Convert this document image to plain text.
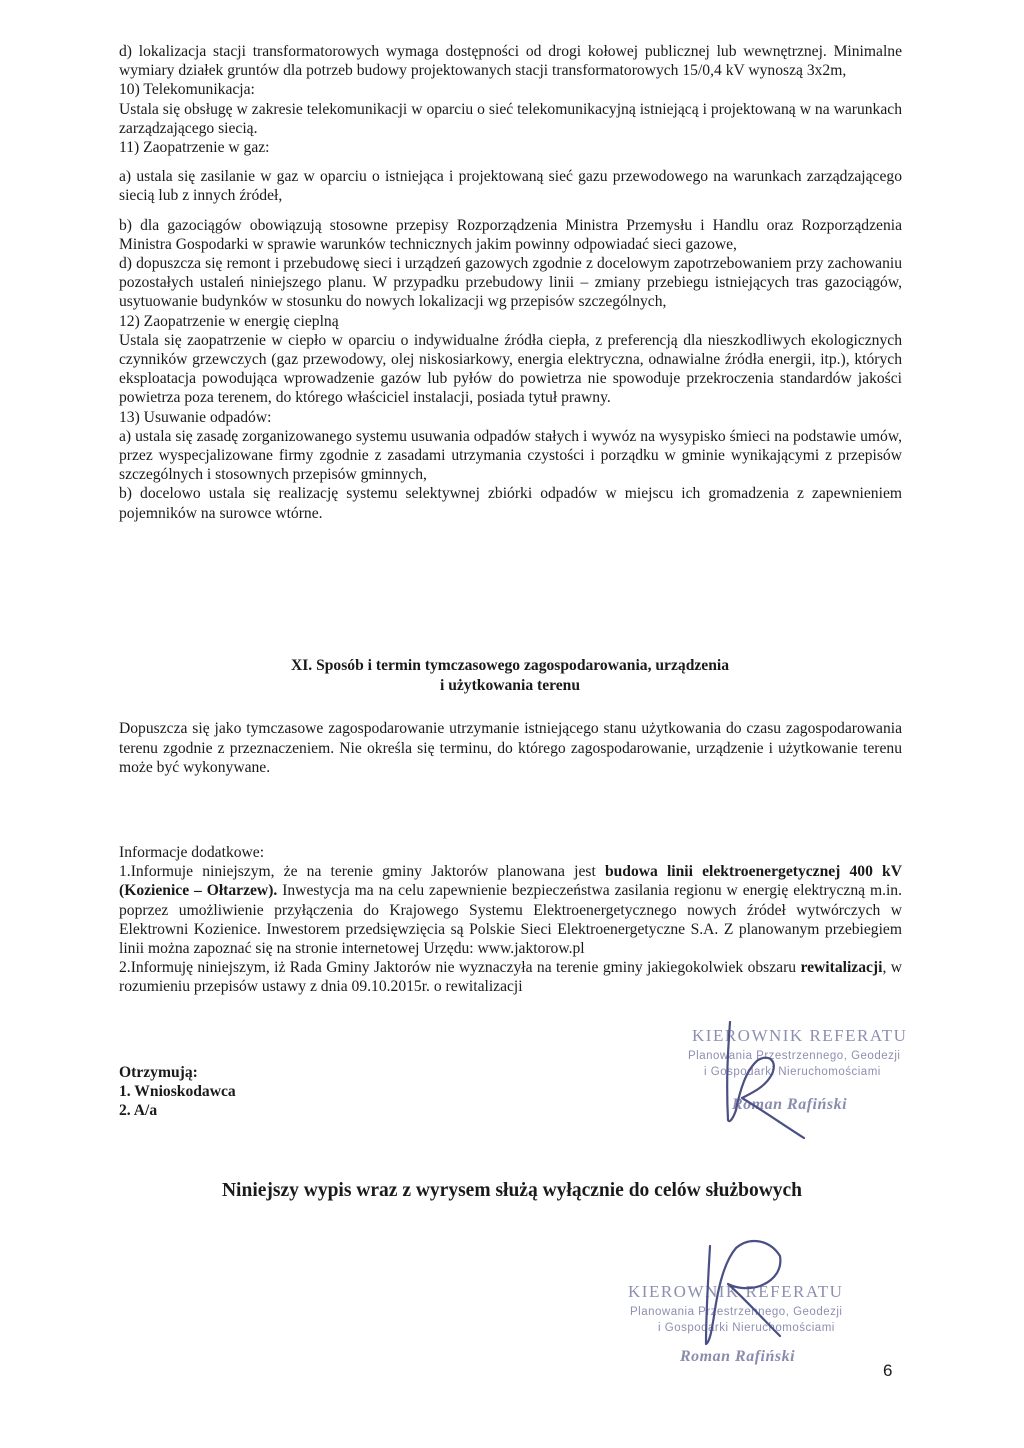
d) lokalizacja stacji transformatorowych wymaga dostępności od drogi kołowej publicznej lub wewnętrznej. Minimalne wymiary działek gruntów dla potrzeb budowy projektowanych stacji transformatorowych 15/0,4 kV wynoszą 3x2m,

10) Telekomunikacja:

Ustala się obsługę w zakresie telekomunikacji w oparciu o sieć telekomunikacyjną istniejącą i projektowaną w na warunkach zarządzającego siecią.

11) Zaopatrzenie w gaz:

a) ustala się zasilanie w gaz w oparciu o istniejąca i projektowaną sieć gazu przewodowego na warunkach zarządzającego siecią lub z innych źródeł,

b) dla gazociągów obowiązują stosowne przepisy Rozporządzenia Ministra Przemysłu i Handlu oraz Rozporządzenia Ministra Gospodarki w sprawie warunków technicznych jakim powinny odpowiadać sieci gazowe,

d) dopuszcza się remont i przebudowę sieci i urządzeń gazowych zgodnie z docelowym zapotrzebowaniem przy zachowaniu pozostałych ustaleń niniejszego planu. W przypadku przebudowy linii – zmiany przebiegu istniejących tras gazociągów, usytuowanie budynków w stosunku do nowych lokalizacji wg przepisów szczególnych,

12) Zaopatrzenie w energię cieplną

Ustala się zaopatrzenie w ciepło w oparciu o indywidualne źródła ciepła, z preferencją dla nieszkodliwych ekologicznych czynników grzewczych (gaz przewodowy, olej niskosiarkowy, energia elektryczna, odnawialne źródła energii, itp.), których eksploatacja powodująca wprowadzenie gazów lub pyłów do powietrza nie spowoduje przekroczenia standardów jakości powietrza poza terenem, do którego właściciel instalacji, posiada tytuł prawny.

13) Usuwanie odpadów:

a) ustala się zasadę zorganizowanego systemu usuwania odpadów stałych i wywóz na wysypisko śmieci na podstawie umów, przez wyspecjalizowane firmy zgodnie z zasadami utrzymania czystości i porządku w gminie wynikającymi z przepisów szczególnych i stosownych przepisów gminnych,

b) docelowo ustala się realizację systemu selektywnej zbiórki odpadów w miejscu ich gromadzenia z zapewnieniem pojemników na surowce wtórne.

XI. Sposób i termin tymczasowego zagospodarowania, urządzenia

i użytkowania terenu

Dopuszcza się jako tymczasowe zagospodarowanie utrzymanie istniejącego stanu użytkowania do czasu zagospodarowania terenu zgodnie z przeznaczeniem. Nie określa się terminu, do którego zagospodarowanie, urządzenie i użytkowanie terenu może być wykonywane.

Informacje dodatkowe:

1.Informuje niniejszym, że na terenie gminy Jaktorów planowana jest budowa linii elektroenergetycznej 400 kV (Kozienice – Ołtarzew). Inwestycja ma na celu zapewnienie bezpieczeństwa zasilania regionu w energię elektryczną m.in. poprzez umożliwienie przyłączenia do Krajowego Systemu Elektroenergetycznego nowych źródeł wytwórczych w Elektrowni Kozienice. Inwestorem przedsięwzięcia są Polskie Sieci Elektroenergetyczne S.A. Z planowanym przebiegiem linii można zapoznać się na stronie internetowej Urzędu: www.jaktorow.pl

2.Informuję niniejszym, iż Rada Gminy Jaktorów nie wyznaczyła na terenie gminy jakiegokolwiek obszaru rewitalizacji, w rozumieniu przepisów ustawy z dnia 09.10.2015r. o rewitalizacji

Otrzymują:

1. Wnioskodawca

2. A/a

KIEROWNIK REFERATU
Planowania Przestrzennego, Geodezji
i Gospodarki Nieruchomościami
Roman Rafiński
Niniejszy wypis wraz z wyrysem służą wyłącznie do celów służbowych
KIEROWNIK REFERATU
Planowania Przestrzennego, Geodezji
i Gospodarki Nieruchomościami
Roman Rafiński
6
